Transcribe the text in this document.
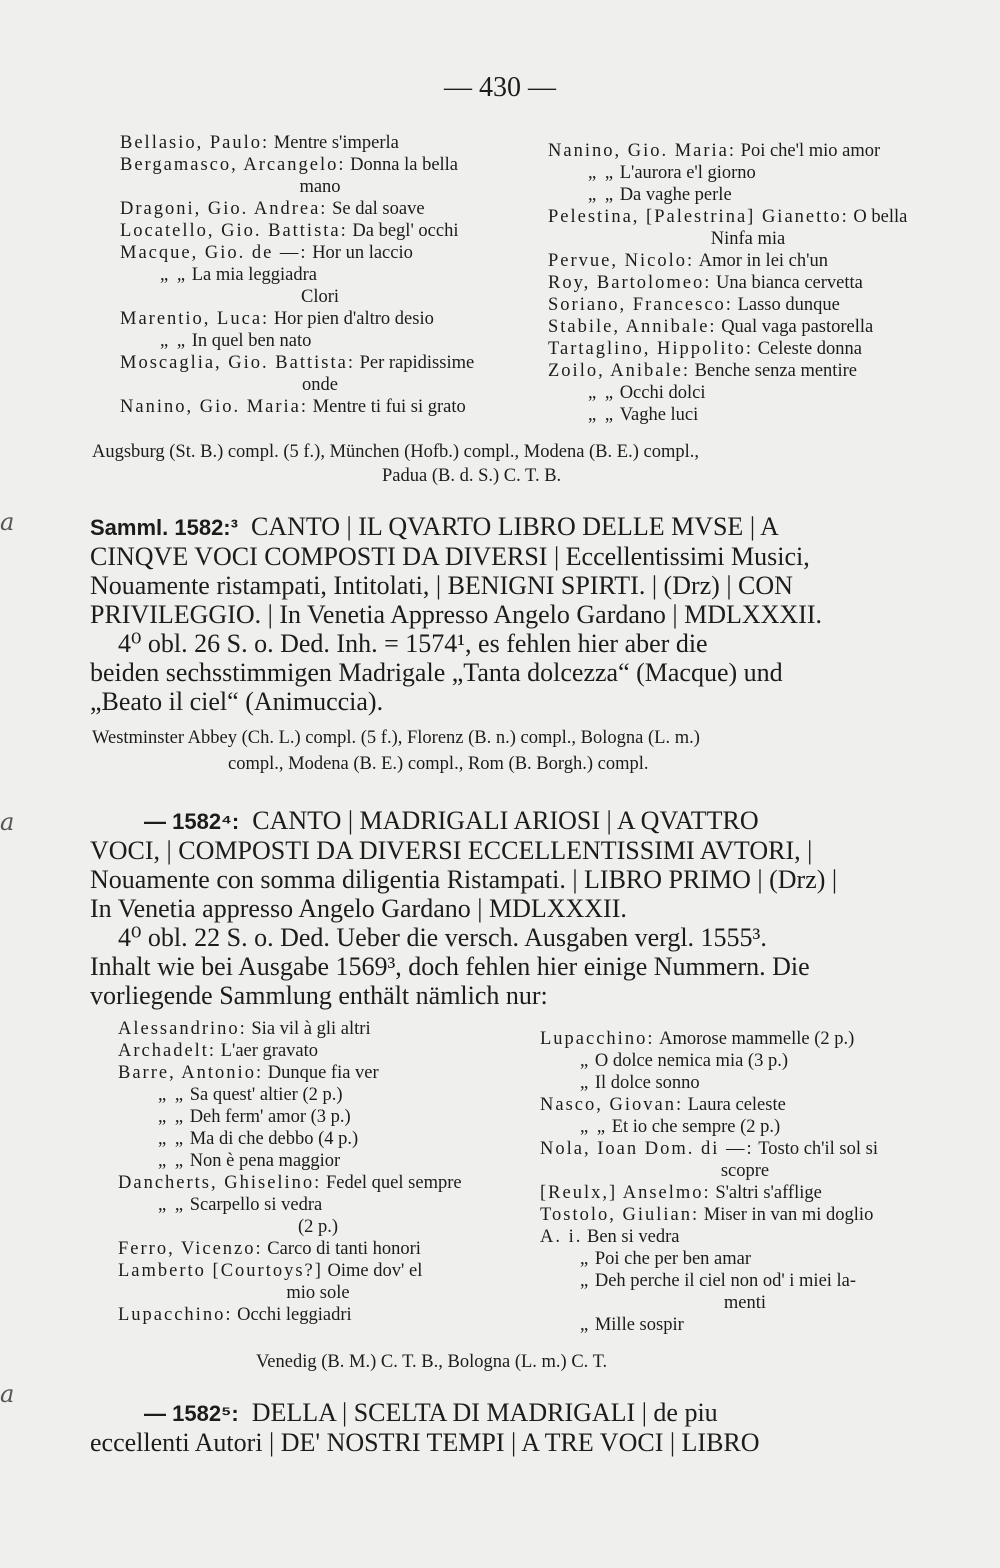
— 430 —
a
a
a
Bellasio, Paulo:
Mentre s'imperla
Bergamasco, Arcangelo:
Donna la bella
mano
Dragoni, Gio. Andrea:
Se dal soave
Locatello, Gio. Battista:
Da begl' occhi
Macque, Gio. de —:
Hor un laccio
„ „
La mia leggiadra
Clori
Marentio, Luca:
Hor pien d'altro desio
„ „
In quel ben nato
Moscaglia, Gio. Battista:
Per rapidissime
onde
Nanino, Gio. Maria:
Mentre ti fui si grato
Nanino, Gio. Maria:
Poi che'l mio amor
„ „
L'aurora e'l giorno
„ „
Da vaghe perle
Pelestina, [Palestrina] Gianetto:
O bella
Ninfa mia
Pervue, Nicolo:
Amor in lei ch'un
Roy, Bartolomeo:
Una bianca cervetta
Soriano, Francesco:
Lasso dunque
Stabile, Annibale:
Qual vaga pastorella
Tartaglino, Hippolito:
Celeste donna
Zoilo, Anibale:
Benche senza mentire
„ „
Occhi dolci
„ „
Vaghe luci
Augsburg (St. B.) compl. (5 f.), München (Hofb.) compl., Modena (B. E.) compl.,
Padua (B. d. S.) C. T. B.
Samml. 1582:³ CANTO | IL QVARTO LIBRO DELLE MVSE | A
CINQVE VOCI COMPOSTI DA DIVERSI | Eccellentissimi Musici,
Nouamente ristampati, Intitolati, | BENIGNI SPIRTI. | (Drz) | CON
PRIVILEGGIO. | In Venetia Appresso Angelo Gardano | MDLXXXII.
4⁰ obl. 26 S. o. Ded. Inh. = 1574¹, es fehlen hier aber die
beiden sechsstimmigen Madrigale „Tanta dolcezza“ (Macque) und
„Beato il ciel“ (Animuccia).
Westminster Abbey (Ch. L.) compl. (5 f.), Florenz (B. n.) compl., Bologna (L. m.)
compl., Modena (B. E.) compl., Rom (B. Borgh.) compl.
— 1582⁴: CANTO | MADRIGALI ARIOSI | A QVATTRO
VOCI, | COMPOSTI DA DIVERSI ECCELLENTISSIMI AVTORI, |
Nouamente con somma diligentia Ristampati. | LIBRO PRIMO | (Drz) |
In Venetia appresso Angelo Gardano | MDLXXXII.
4⁰ obl. 22 S. o. Ded. Ueber die versch. Ausgaben vergl. 1555³.
Inhalt wie bei Ausgabe 1569³, doch fehlen hier einige Nummern. Die
vorliegende Sammlung enthält nämlich nur:
Alessandrino:
Sia vil à gli altri
Archadelt:
L'aer gravato
Barre, Antonio:
Dunque fia ver
„ „
Sa quest' altier (2 p.)
„ „
Deh ferm' amor (3 p.)
„ „
Ma di che debbo (4 p.)
„ „
Non è pena maggior
Dancherts, Ghiselino:
Fedel quel sempre
„ „
Scarpello si vedra
(2 p.)
Ferro, Vicenzo:
Carco di tanti honori
Lamberto [Courtoys?]
Oime dov' el
mio sole
Lupacchino:
Occhi leggiadri
Lupacchino:
Amorose mammelle (2 p.)
„
O dolce nemica mia (3 p.)
„
Il dolce sonno
Nasco, Giovan:
Laura celeste
„ „
Et io che sempre (2 p.)
Nola, Ioan Dom. di —:
Tosto ch'il sol si
scopre
[Reulx,] Anselmo:
S'altri s'affligе
Tostolo, Giulian:
Miser in van mi doglio
A. i.
Ben si vedra
„
Poi che per ben amar
„
Deh perche il ciel non od' i miei la-
menti
„
Mille sospir
Venedig (B. M.) C. T. B., Bologna (L. m.) C. T.
— 1582⁵: DELLA | SCELTA DI MADRIGALI | de piu
eccellenti Autori | DE' NOSTRI TEMPI | A TRE VOCI | LIBRO
